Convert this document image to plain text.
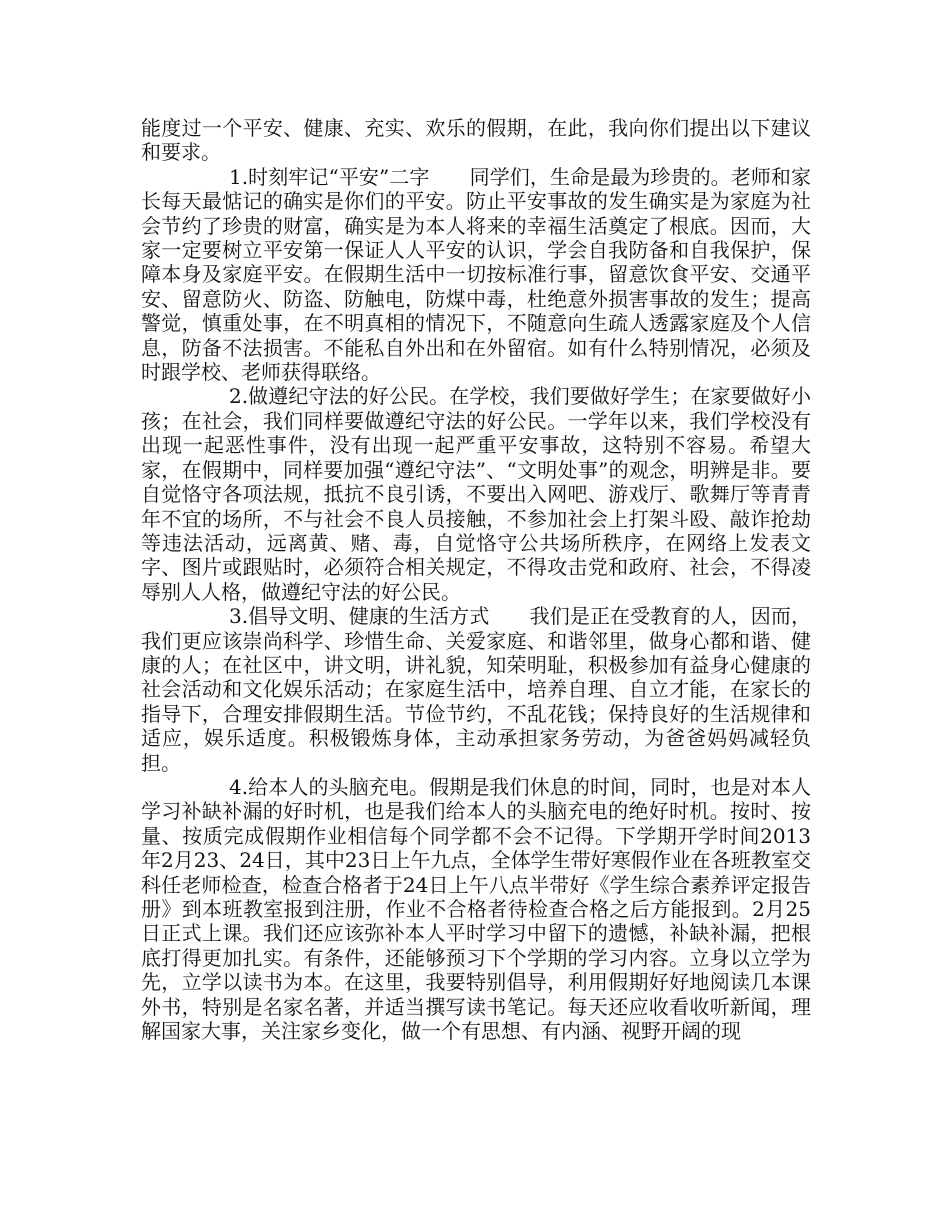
能度过一个平安、健康、充实、欢乐的假期，在此，我向你们提出以下建议和要求。

1.时刻牢记“平安”二字　　同学们，生命是最为珍贵的。老师和家长每天最惦记的确实是你们的平安。防止平安事故的发生确实是为家庭为社会节约了珍贵的财富，确实是为本人将来的幸福生活奠定了根底。因而，大家一定要树立平安第一保证人人平安的认识，学会自我防备和自我保护，保障本身及家庭平安。在假期生活中一切按标准行事，留意饮食平安、交通平安、留意防火、防盗、防触电，防煤中毒，杜绝意外损害事故的发生；提高警觉，慎重处事，在不明真相的情况下，不随意向生疏人透露家庭及个人信息，防备不法损害。不能私自外出和在外留宿。如有什么特别情况，必须及时跟学校、老师获得联络。

2.做遵纪守法的好公民。在学校，我们要做好学生；在家要做好小孩；在社会，我们同样要做遵纪守法的好公民。一学年以来，我们学校没有出现一起恶性事件，没有出现一起严重平安事故，这特别不容易。希望大家，在假期中，同样要加强“遵纪守法”、“文明处事”的观念，明辨是非。要自觉恪守各项法规，抵抗不良引诱，不要出入网吧、游戏厅、歌舞厅等青青年不宜的场所，不与社会不良人员接触，不参加社会上打架斗殴、敲诈抢劫等违法活动，远离黄、赌、毒，自觉恪守公共场所秩序，在网络上发表文字、图片或跟贴时，必须符合相关规定，不得攻击党和政府、社会，不得凌辱别人人格，做遵纪守法的好公民。

3.倡导文明、健康的生活方式　　我们是正在受教育的人，因而，我们更应该崇尚科学、珍惜生命、关爱家庭、和谐邻里，做身心都和谐、健康的人；在社区中，讲文明，讲礼貌，知荣明耻，积极参加有益身心健康的社会活动和文化娱乐活动；在家庭生活中，培养自理、自立才能，在家长的指导下，合理安排假期生活。节俭节约，不乱花钱；保持良好的生活规律和适应，娱乐适度。积极锻炼身体，主动承担家务劳动，为爸爸妈妈减轻负担。

4.给本人的头脑充电。假期是我们休息的时间，同时，也是对本人学习补缺补漏的好时机，也是我们给本人的头脑充电的绝好时机。按时、按量、按质完成假期作业相信每个同学都不会不记得。下学期开学时间2013年2月23、24日，其中23日上午九点，全体学生带好寒假作业在各班教室交科任老师检查，检查合格者于24日上午八点半带好《学生综合素养评定报告册》到本班教室报到注册，作业不合格者待检查合格之后方能报到。2月25日正式上课。我们还应该弥补本人平时学习中留下的遗憾，补缺补漏，把根底打得更加扎实。有条件，还能够预习下个学期的学习内容。立身以立学为先，立学以读书为本。在这里，我要特别倡导，利用假期好好地阅读几本课外书，特别是名家名著，并适当撰写读书笔记。每天还应收看收听新闻，理解国家大事，关注家乡变化，做一个有思想、有内涵、视野开阔的现
